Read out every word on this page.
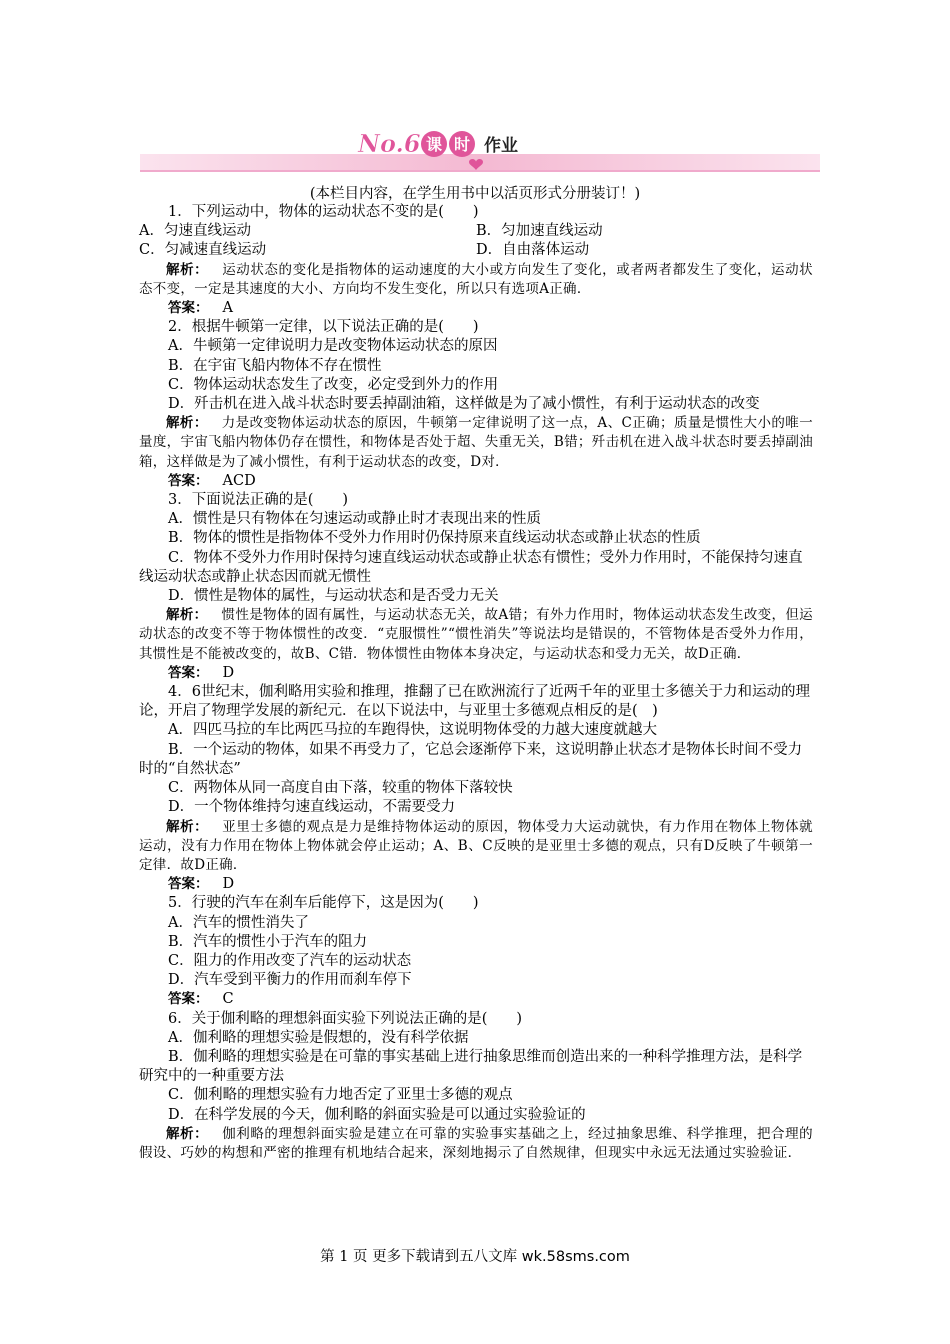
No.6 课 时 作业
(本栏目内容，在学生用书中以活页形式分册装订！)

1．下列运动中，物体的运动状态不变的是(　　)

A．匀速直线运动	B．匀加速直线运动

C．匀减速直线运动	D．自由落体运动

解析： 运动状态的变化是指物体的运动速度的大小或方向发生了变化，或者两者都发生了变化，运动状态不变，一定是其速度的大小、方向均不发生变化，所以只有选项A正确．

答案： A

2．根据牛顿第一定律，以下说法正确的是(　　)

A．牛顿第一定律说明力是改变物体运动状态的原因

B．在宇宙飞船内物体不存在惯性

C．物体运动状态发生了改变，必定受到外力的作用

D．歼击机在进入战斗状态时要丢掉副油箱，这样做是为了减小惯性，有利于运动状态的改变

解析： 力是改变物体运动状态的原因，牛顿第一定律说明了这一点，A、C正确；质量是惯性大小的唯一量度，宇宙飞船内物体仍存在惯性，和物体是否处于超、失重无关，B错；歼击机在进入战斗状态时要丢掉副油箱，这样做是为了减小惯性，有利于运动状态的改变，D对．

答案： ACD

3．下面说法正确的是(　　)

A．惯性是只有物体在匀速运动或静止时才表现出来的性质

B．物体的惯性是指物体不受外力作用时仍保持原来直线运动状态或静止状态的性质

C．物体不受外力作用时保持匀速直线运动状态或静止状态有惯性；受外力作用时，不能保持匀速直线运动状态或静止状态因而就无惯性

D．惯性是物体的属性，与运动状态和是否受力无关

解析： 惯性是物体的固有属性，与运动状态无关，故A错；有外力作用时，物体运动状态发生改变，但运动状态的改变不等于物体惯性的改变．“克服惯性”“惯性消失”等说法均是错误的，不管物体是否受外力作用，其惯性是不能被改变的，故B、C错．物体惯性由物体本身决定，与运动状态和受力无关，故D正确．

答案： D

4．6世纪末，伽利略用实验和推理，推翻了已在欧洲流行了近两千年的亚里士多德关于力和运动的理论，开启了物理学发展的新纪元．在以下说法中，与亚里士多德观点相反的是(　)

A．四匹马拉的车比两匹马拉的车跑得快，这说明物体受的力越大速度就越大

B．一个运动的物体，如果不再受力了，它总会逐渐停下来，这说明静止状态才是物体长时间不受力时的“自然状态”

C．两物体从同一高度自由下落，较重的物体下落较快

D．一个物体维持匀速直线运动，不需要受力

解析： 亚里士多德的观点是力是维持物体运动的原因，物体受力大运动就快，有力作用在物体上物体就运动，没有力作用在物体上物体就会停止运动；A、B、C反映的是亚里士多德的观点，只有D反映了牛顿第一定律．故D正确．

答案： D

5．行驶的汽车在刹车后能停下，这是因为(　　)

A．汽车的惯性消失了

B．汽车的惯性小于汽车的阻力

C．阻力的作用改变了汽车的运动状态

D．汽车受到平衡力的作用而刹车停下

答案： C

6．关于伽利略的理想斜面实验下列说法正确的是(　　)

A．伽利略的理想实验是假想的，没有科学依据

B．伽利略的理想实验是在可靠的事实基础上进行抽象思维而创造出来的一种科学推理方法，是科学研究中的一种重要方法

C．伽利略的理想实验有力地否定了亚里士多德的观点

D．在科学发展的今天，伽利略的斜面实验是可以通过实验验证的

解析： 伽利略的理想斜面实验是建立在可靠的实验事实基础之上，经过抽象思维、科学推理，把合理的假设、巧妙的构想和严密的推理有机地结合起来，深刻地揭示了自然规律，但现实中永远无法通过实验验证．

第 1 页 更多下载请到五八文库 wk.58sms.com
